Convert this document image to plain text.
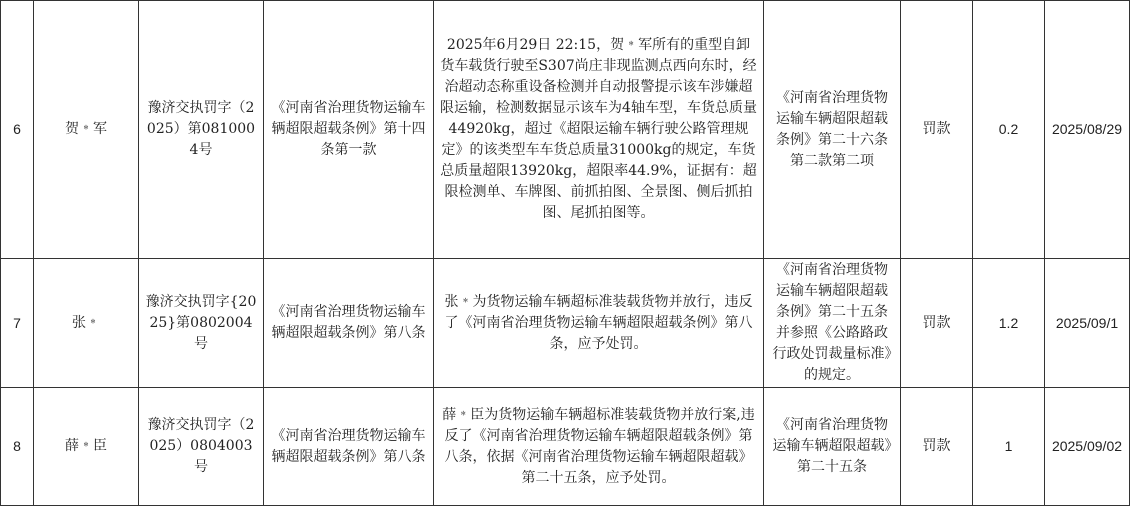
6	贺﹡军	豫济交执罚字（2025）第0810004号	《河南省治理货物运输车辆超限超载条例》第十四条第一款	2025年6月29日 22:15，贺﹡军所有的重型自卸货车载货行驶至S307尚庄非现监测点西向东时，经治超动态称重设备检测并自动报警提示该车涉嫌超限运输，检测数据显示该车为4轴车型，车货总质量44920kg，超过《超限运输车辆行驶公路管理规定》的该类型车车货总质量31000kg的规定，车货总质量超限13920kg，超限率44.9%，证据有：超限检测单、车牌图、前抓拍图、全景图、侧后抓拍图、尾抓拍图等。	《河南省治理货物运输车辆超限超载条例》第二十六条第二款第二项	罚款	0.2	2025/08/29
7	张﹡	豫济交执罚字{2025}第0802004号	《河南省治理货物运输车辆超限超载条例》第八条	张﹡为货物运输车辆超标准装载货物并放行，违反了《河南省治理货物运输车辆超限超载条例》第八条，应予处罚。	《河南省治理货物运输车辆超限超载条例》第二十五条并参照《公路路政行政处罚裁量标准》的规定。	罚款	1.2	2025/09/1
8	薛﹡臣	豫济交执罚字（2025）0804003号	《河南省治理货物运输车辆超限超载条例》第八条	薛﹡臣为货物运输车辆超标准装载货物并放行案,违反了《河南省治理货物运输车辆超限超载条例》第八条，依据《河南省治理货物运输车辆超限超载》第二十五条，应予处罚。	《河南省治理货物运输车辆超限超载》第二十五条	罚款	1	2025/09/02
